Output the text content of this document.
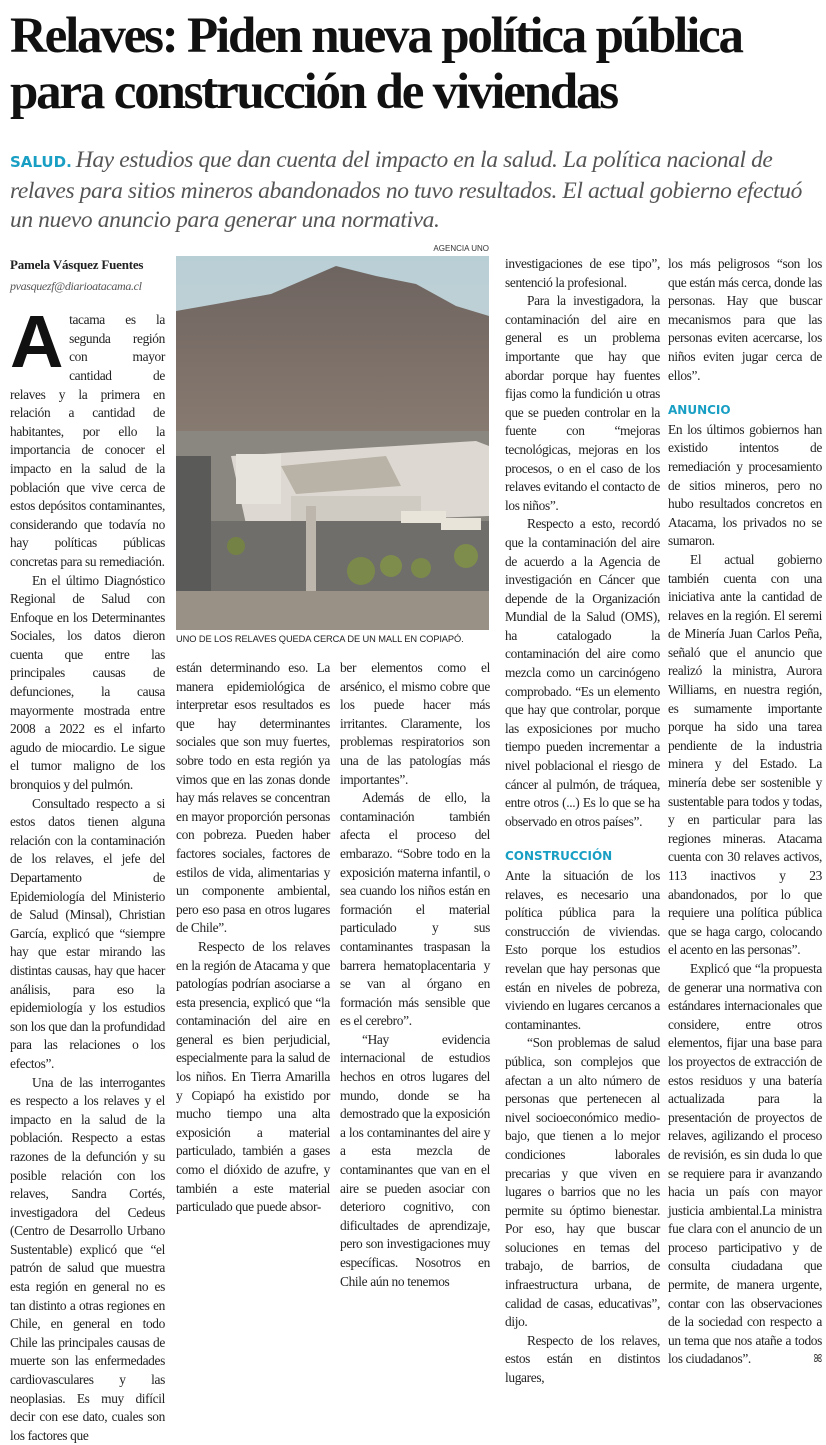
Relaves: Piden nueva política pública
para construcción de viviendas

SALUD. Hay estudios que dan cuenta del impacto en la salud. La política nacional de relaves para sitios mineros abandonados no tuvo resultados. El actual gobierno efectuó un nuevo anuncio para generar una normativa.

Pamela Vásquez Fuentes
pvasquezf@diarioatacama.cl
A tacama es la segunda región con mayor cantidad de relaves y la primera en relación a cantidad de habitantes, por ello la importancia de conocer el impacto en la salud de la población que vive cerca de estos depósitos contaminantes, considerando que todavía no hay políticas públicas concretas para su remediación.

En el último Diagnóstico Regional de Salud con Enfoque en los Determinantes Sociales, los datos dieron cuenta que entre las principales causas de defunciones, la causa mayormente mostrada entre 2008 a 2022 es el infarto agudo de miocardio. Le sigue el tumor maligno de los bronquios y del pulmón.

Consultado respecto a si estos datos tienen alguna relación con la contaminación de los relaves, el jefe del Departamento de Epidemiología del Ministerio de Salud (Minsal), Christian García, explicó que “siempre hay que estar mirando las distintas causas, hay que hacer análisis, para eso la epidemiología y los estudios son los que dan la profundidad para las relaciones o los efectos”.

Una de las interrogantes es respecto a los relaves y el impacto en la salud de la población. Respecto a estas razones de la defunción y su posible relación con los relaves, Sandra Cortés, investigadora del Cedeus (Centro de Desarrollo Urbano Sustentable) explicó que “el patrón de salud que muestra esta región en general no es tan distinto a otras regiones en Chile, en general en todo Chile las principales causas de muerte son las enfermedades cardiovasculares y las neoplasias. Es muy difícil decir con ese dato, cuales son los factores que

AGENCIA UNO
UNO DE LOS RELAVES QUEDA CERCA DE UN MALL EN COPIAPÓ.

están determinando eso. La manera epidemiológica de interpretar esos resultados es que hay determinantes sociales que son muy fuertes, sobre todo en esta región ya vimos que en las zonas donde hay más relaves se concentran en mayor proporción personas con pobreza. Pueden haber factores sociales, factores de estilos de vida, alimentarias y un componente ambiental, pero eso pasa en otros lugares de Chile”.

Respecto de los relaves en la región de Atacama y que patologías podrían asociarse a esta presencia, explicó que “la contaminación del aire en general es bien perjudicial, especialmente para la salud de los niños. En Tierra Amarilla y Copiapó ha existido por mucho tiempo una alta exposición a material particulado, también a gases como el dióxido de azufre, y también a este material particulado que puede absor-

ber elementos como el arsénico, el mismo cobre que los puede hacer más irritantes. Claramente, los problemas respiratorios son una de las patologías más importantes”.

Además de ello, la contaminación también afecta el proceso del embarazo. “Sobre todo en la exposición materna infantil, o sea cuando los niños están en formación el material particulado y sus contaminantes traspasan la barrera hematoplacentaria y se van al órgano en formación más sensible que es el cerebro”.

“Hay evidencia internacional de estudios hechos en otros lugares del mundo, donde se ha demostrado que la exposición a los contaminantes del aire y a esta mezcla de contaminantes que van en el aire se pueden asociar con deterioro cognitivo, con dificultades de aprendizaje, pero son investigaciones muy específicas. Nosotros en Chile aún no tenemos

investigaciones de ese tipo”, sentenció la profesional.

Para la investigadora, la contaminación del aire en general es un problema importante que hay que abordar porque hay fuentes fijas como la fundición u otras que se pueden controlar en la fuente con “mejoras tecnológicas, mejoras en los procesos, o en el caso de los relaves evitando el contacto de los niños”.

Respecto a esto, recordó que la contaminación del aire de acuerdo a la Agencia de investigación en Cáncer que depende de la Organización Mundial de la Salud (OMS), ha catalogado la contaminación del aire como mezcla como un carcinógeno comprobado. “Es un elemento que hay que controlar, porque las exposiciones por mucho tiempo pueden incrementar a nivel poblacional el riesgo de cáncer al pulmón, de tráquea, entre otros (...) Es lo que se ha observado en otros países”.

CONSTRUCCIÓN

Ante la situación de los relaves, es necesario una política pública para la construcción de viviendas. Esto porque los estudios revelan que hay personas que están en niveles de pobreza, viviendo en lugares cercanos a contaminantes.

“Son problemas de salud pública, son complejos que afectan a un alto número de personas que pertenecen al nivel socioeconómico medio-bajo, que tienen a lo mejor condiciones laborales precarias y que viven en lugares o barrios que no les permite su óptimo bienestar. Por eso, hay que buscar soluciones en temas del trabajo, de barrios, de infraestructura urbana, de calidad de casas, educativas”, dijo.

Respecto de los relaves, estos están en distintos lugares,

los más peligrosos “son los que están más cerca, donde las personas. Hay que buscar mecanismos para que las personas eviten acercarse, los niños eviten jugar cerca de ellos”.

ANUNCIO

En los últimos gobiernos han existido intentos de remediación y procesamiento de sitios mineros, pero no hubo resultados concretos en Atacama, los privados no se sumaron.

El actual gobierno también cuenta con una iniciativa ante la cantidad de relaves en la región. El seremi de Minería Juan Carlos Peña, señaló que el anuncio que realizó la ministra, Aurora Williams, en nuestra región, es sumamente importante porque ha sido una tarea pendiente de la industria minera y del Estado. La minería debe ser sostenible y sustentable para todos y todas, y en particular para las regiones mineras. Atacama cuenta con 30 relaves activos, 113 inactivos y 23 abandonados, por lo que requiere una política pública que se haga cargo, colocando el acento en las personas”.

Explicó que “la propuesta de generar una normativa con estándares internacionales que considere, entre otros elementos, fijar una base para los proyectos de extracción de estos residuos y una batería actualizada para la presentación de proyectos de relaves, agilizando el proceso de revisión, es sin duda lo que se requiere para ir avanzando hacia un país con mayor justicia ambiental.La ministra fue clara con el anuncio de un proceso participativo y de consulta ciudadana que permite, de manera urgente, contar con las observaciones de la sociedad con respecto a un tema que nos atañe a todos los ciudadanos”.	ꕤ
